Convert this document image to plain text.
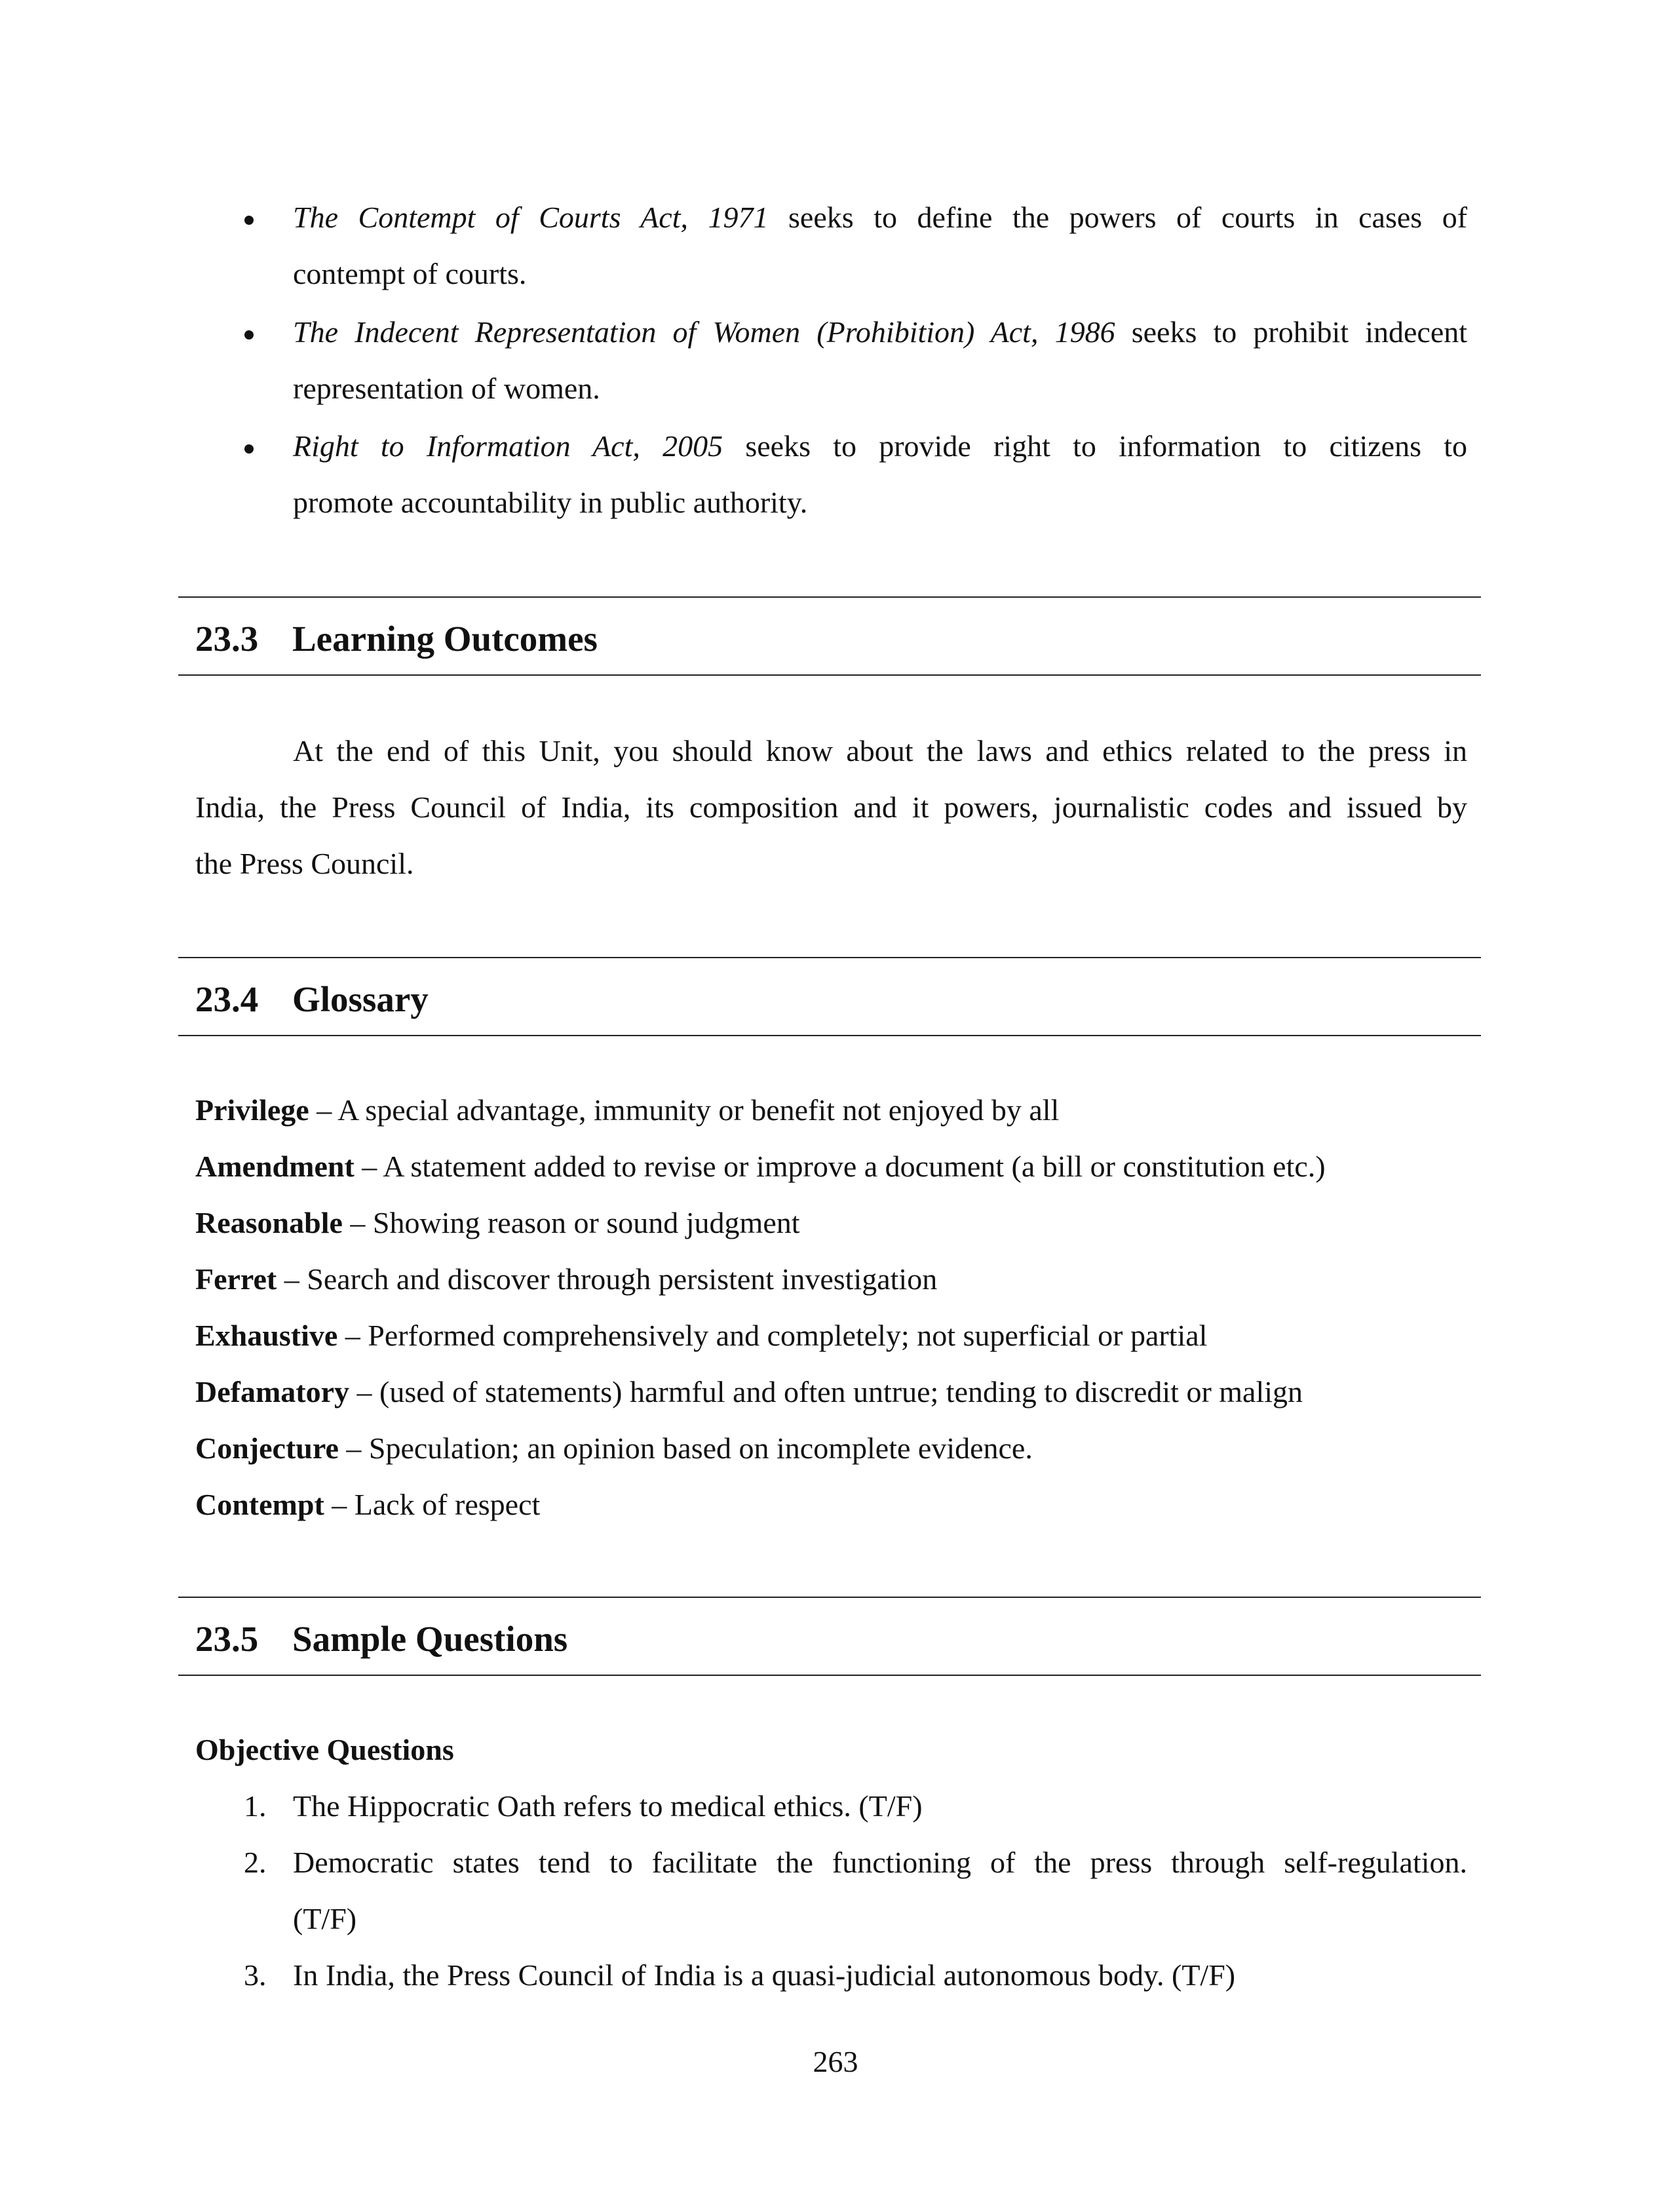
The Contempt of Courts Act, 1971 seeks to define the powers of courts in cases of
contempt of courts.
The Indecent Representation of Women (Prohibition) Act, 1986 seeks to prohibit indecent
representation of women.
Right to Information Act, 2005 seeks to provide right to information to citizens to
promote accountability in public authority.
23.3 Learning Outcomes
At the end of this Unit, you should know about the laws and ethics related to the press in
India, the Press Council of India, its composition and it powers, journalistic codes and issued by
the Press Council.
23.4 Glossary
Privilege – A special advantage, immunity or benefit not enjoyed by all
Amendment – A statement added to revise or improve a document (a bill or constitution etc.)
Reasonable – Showing reason or sound judgment
Ferret – Search and discover through persistent investigation
Exhaustive – Performed comprehensively and completely; not superficial or partial
Defamatory – (used of statements) harmful and often untrue; tending to discredit or malign
Conjecture – Speculation; an opinion based on incomplete evidence.
Contempt – Lack of respect
23.5 Sample Questions
Objective Questions
1. The Hippocratic Oath refers to medical ethics. (T/F)
2. Democratic states tend to facilitate the functioning of the press through self-regulation.
(T/F)
3. In India, the Press Council of India is a quasi-judicial autonomous body. (T/F)
263
